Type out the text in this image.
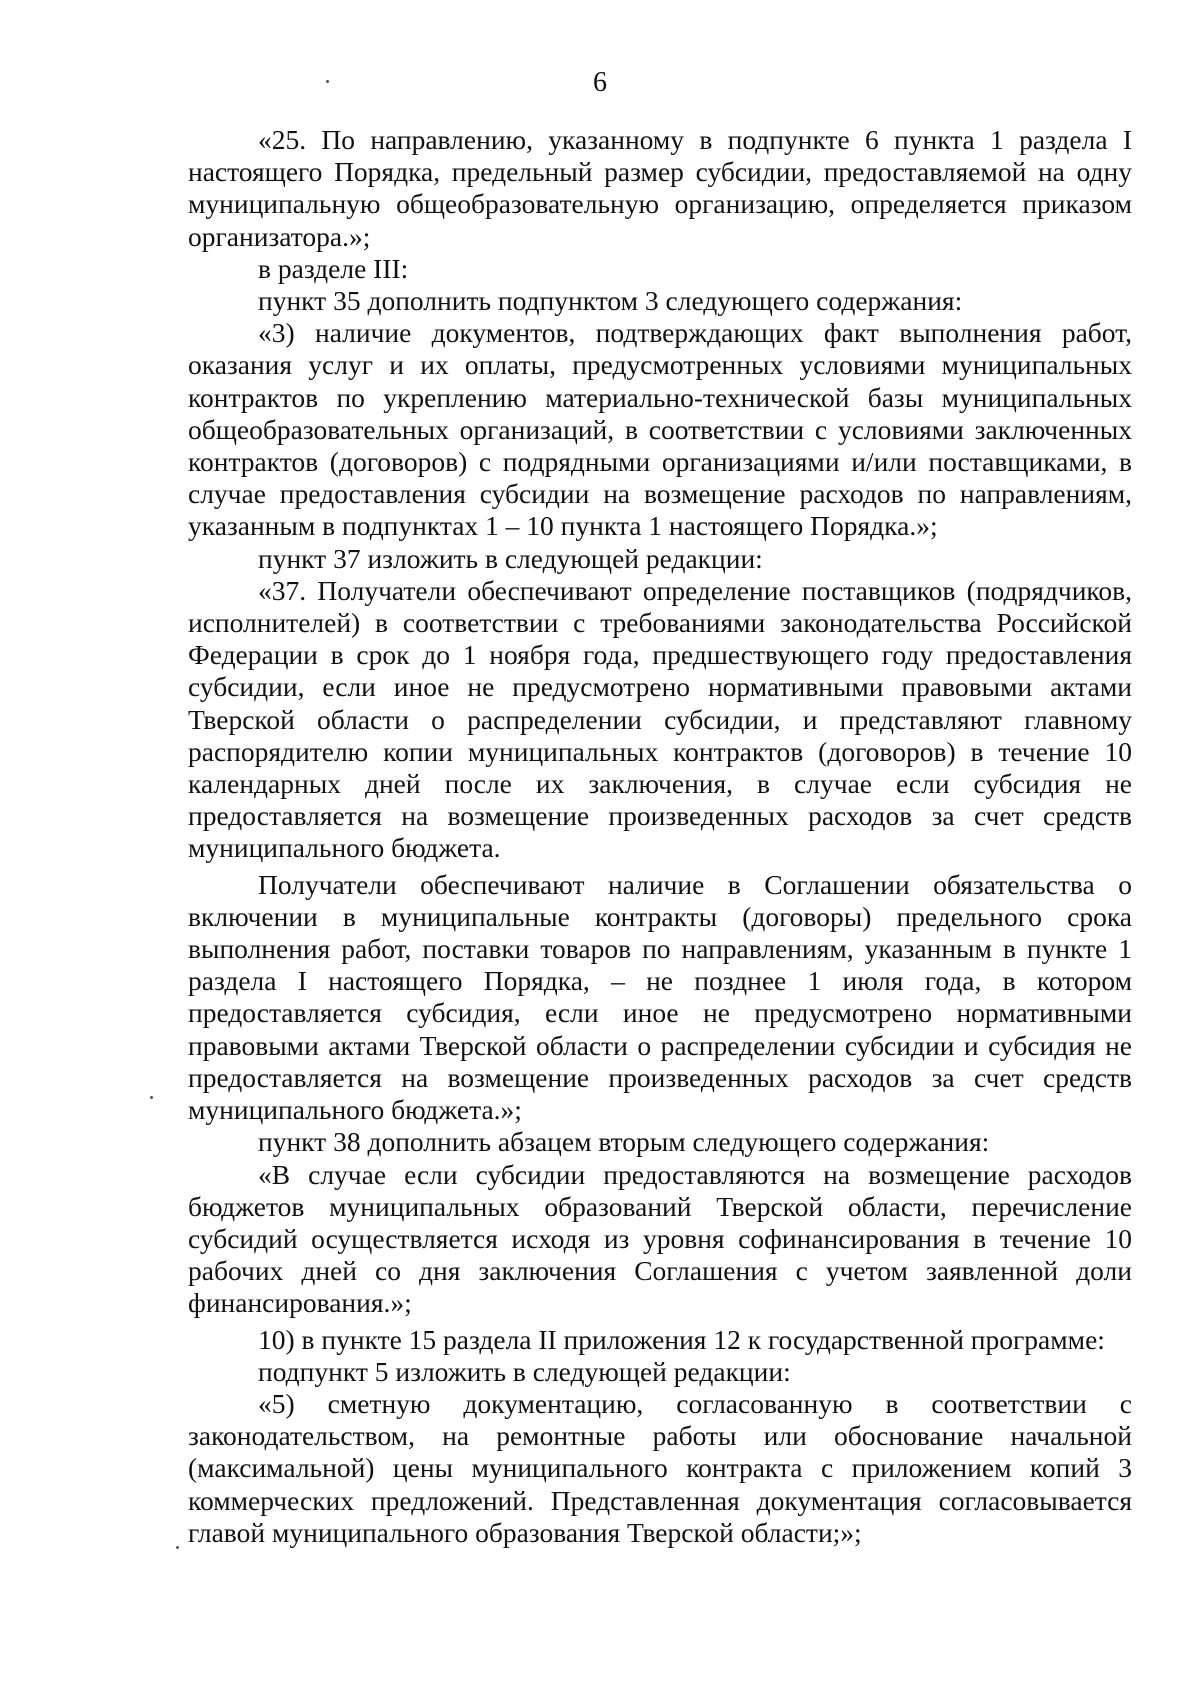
6

«25. По направлению, указанному в подпункте 6 пункта 1 раздела I настоящего Порядка, предельный размер субсидии, предоставляемой на одну муниципальную общеобразовательную организацию, определяется приказом организатора.»;

в разделе III:

пункт 35 дополнить подпунктом 3 следующего содержания:

«3) наличие документов, подтверждающих факт выполнения работ, оказания услуг и их оплаты, предусмотренных условиями муниципальных контрактов по укреплению материально-технической базы муниципальных общеобразовательных организаций, в соответствии с условиями заключенных контрактов (договоров) с подрядными организациями и/или поставщиками, в случае предоставления субсидии на возмещение расходов по направлениям, указанным в подпунктах 1 – 10 пункта 1 настоящего Порядка.»;

пункт 37 изложить в следующей редакции:

«37. Получатели обеспечивают определение поставщиков (подрядчиков, исполнителей) в соответствии с требованиями законодательства Российской Федерации в срок до 1 ноября года, предшествующего году предоставления субсидии, если иное не предусмотрено нормативными правовыми актами Тверской области о распределении субсидии, и представляют главному распорядителю копии муниципальных контрактов (договоров) в течение 10 календарных дней после их заключения, в случае если субсидия не предоставляется на возмещение произведенных расходов за счет средств муниципального бюджета.

Получатели обеспечивают наличие в Соглашении обязательства о включении в муниципальные контракты (договоры) предельного срока выполнения работ, поставки товаров по направлениям, указанным в пункте 1 раздела I настоящего Порядка, – не позднее 1 июля года, в котором предоставляется субсидия, если иное не предусмотрено нормативными правовыми актами Тверской области о распределении субсидии и субсидия не предоставляется на возмещение произведенных расходов за счет средств муниципального бюджета.»;

пункт 38 дополнить абзацем вторым следующего содержания:

«В случае если субсидии предоставляются на возмещение расходов бюджетов муниципальных образований Тверской области, перечисление субсидий осуществляется исходя из уровня софинансирования в течение 10 рабочих дней со дня заключения Соглашения с учетом заявленной доли финансирования.»;

10) в пункте 15 раздела II приложения 12 к государственной программе:

подпункт 5 изложить в следующей редакции:

«5) сметную документацию, согласованную в соответствии с законодательством, на ремонтные работы или обоснование начальной (максимальной) цены муниципального контракта с приложением копий 3 коммерческих предложений. Представленная документация согласовывается главой муниципального образования Тверской области;»;
